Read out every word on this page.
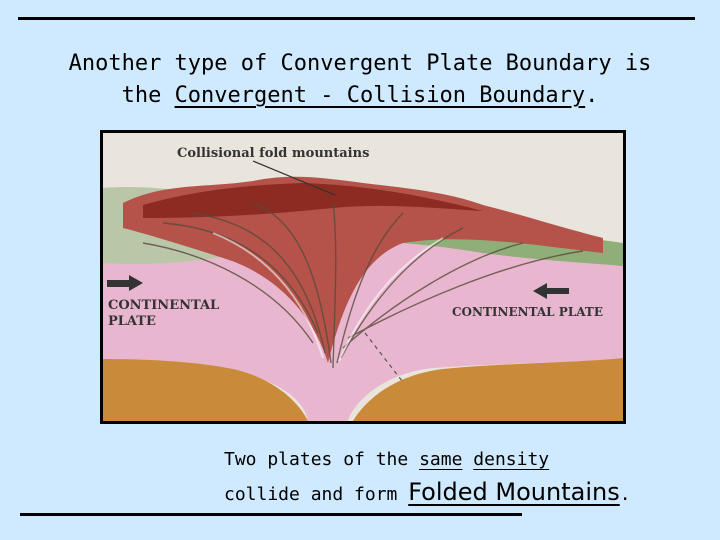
Another type of Convergent Plate Boundary is
the Convergent - Collision Boundary.
Collisional fold mountains
CONTINENTAL
PLATE
CONTINENTAL PLATE
Two plates of the same density
collide and form Folded Mountains.
